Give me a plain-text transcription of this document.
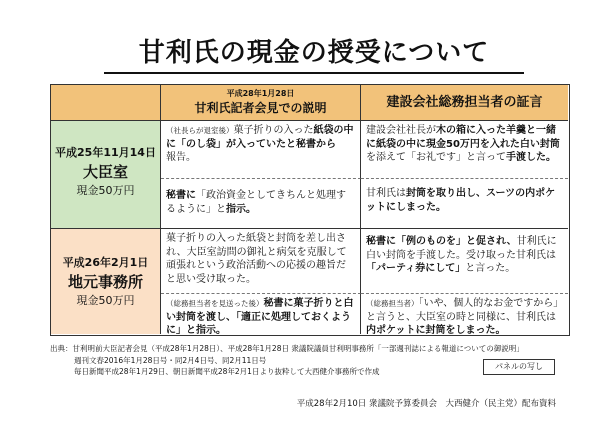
甘利氏の現金の授受について
平成28年1月28日
甘利氏記者会見での説明	建設会社総務担当者の証言
平成25年11月14日
大臣室
現金50万円
（社長らが退室後）菓子折りの入った紙袋の中に「のし袋」が入っていたと秘書から
報告。
秘書に「政治資金としてきちんと処理するように」と指示。
建設会社社長が木の箱に入った羊羹と一緒に紙袋の中に現金50万円を入れた白い封筒を添えて「お礼です」と言って手渡した。
甘利氏は封筒を取り出し、スーツの内ポケットにしまった。
平成26年2月1日
地元事務所
現金50万円
菓子折りの入った紙袋と封筒を差し出され、大臣室訪問の御礼と病気を克服して頑張れという政治活動への応援の趣旨だと思い受け取った。
（総務担当者を見送った後）秘書に菓子折りと白い封筒を渡し、「適正に処理しておくように」と指示。
秘書に「例のものを」と促され、甘利氏に白い封筒を手渡した。受け取った甘利氏は「パーティ券にして」と言った。
（総務担当者）「いや、個人的なお金ですから」と言うと、大臣室の時と同様に、甘利氏は内ポケットに封筒をしまった。
出典：甘利明前大臣記者会見（平成28年1月28日）、平成28年1月28日 衆議院議員甘利明事務所「一部週刊誌による報道についての御説明」
週刊文春2016年1月28日号・同2月4日号、同2月11日号
毎日新聞平成28年1月29日、朝日新聞平成28年2月1日より抜粋して大西健介事務所で作成
パネルの写し
平成28年2月10日 衆議院予算委員会　大西健介（民主党）配布資料
